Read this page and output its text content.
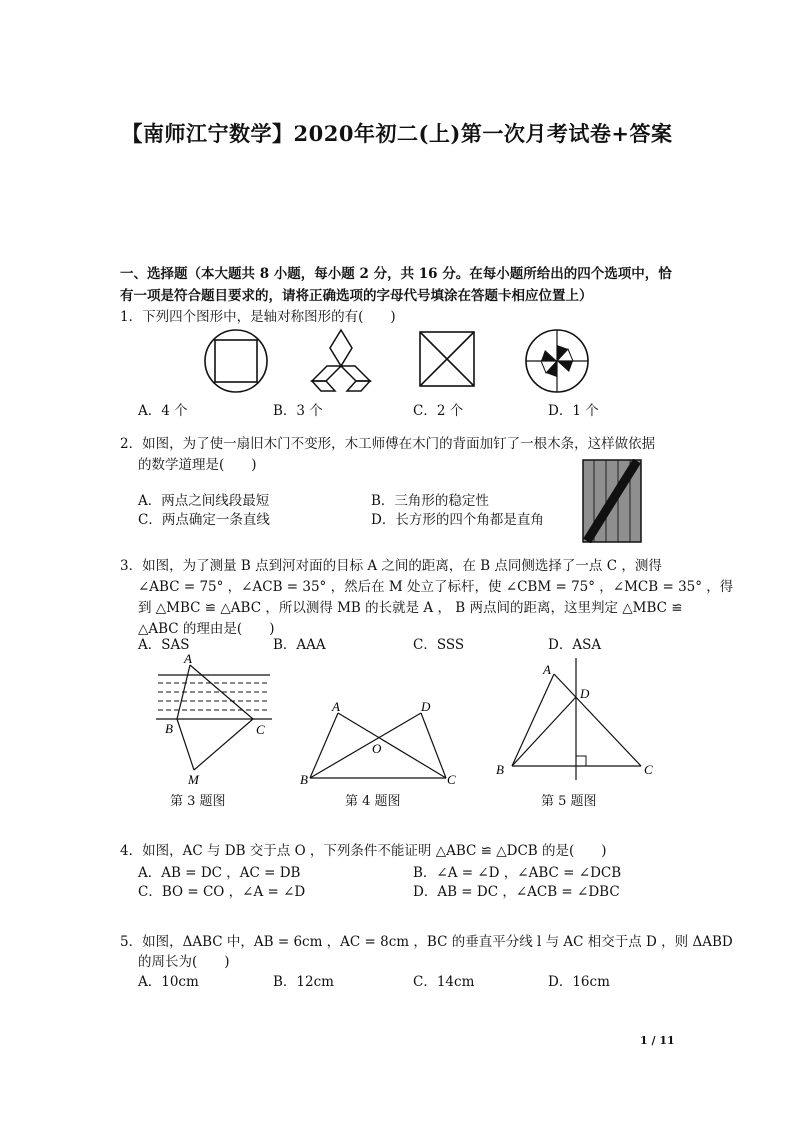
【南师江宁数学】2020年初二(上)第一次月考试卷+答案
一、选择题（本大题共 8 小题，每小题 2 分，共 16 分。在每小题所给出的四个选项中，恰
有一项是符合题目要求的，请将正确选项的字母代号填涂在答题卡相应位置上）
1．下列四个图形中，是轴对称图形的有(　　)
A．4 个	B．3 个	C．2 个	D．1 个
2．如图，为了使一扇旧木门不变形，木工师傅在木门的背面加钉了一根木条，这样做依据
的数学道理是(　　)
A．两点之间线段最短	B．三角形的稳定性
C．两点确定一条直线	D．长方形的四个角都是直角
3．如图，为了测量 B 点到河对面的目标 A 之间的距离，在 B 点同侧选择了一点 C ，测得
∠ABC = 75° ，∠ACB = 35° ，然后在 M 处立了标杆，使 ∠CBM = 75° ，∠MCB = 35° ，得
到 △MBC ≌ △ABC ，所以测得 MB 的长就是 A ， B 两点间的距离，这里判定 △MBC ≌
△ABC 的理由是(　　)
A．SAS	B．AAA	C．SSS	D．ASA
A
B	C
M
第 3 题图
A	D
O
B	C
第 4 题图
A
D
B	C
第 5 题图
4．如图，AC 与 DB 交于点 O ，下列条件不能证明 △ABC ≌ △DCB 的是(　　)
A．AB = DC ，AC = DB	B．∠A = ∠D ，∠ABC = ∠DCB
C．BO = CO ，∠A = ∠D	D．AB = DC ，∠ACB = ∠DBC
5．如图，ΔABC 中，AB = 6cm ，AC = 8cm ，BC 的垂直平分线 l 与 AC 相交于点 D ，则 ΔABD
的周长为(　　)
A．10cm	B．12cm	C．14cm	D．16cm
1 / 11
